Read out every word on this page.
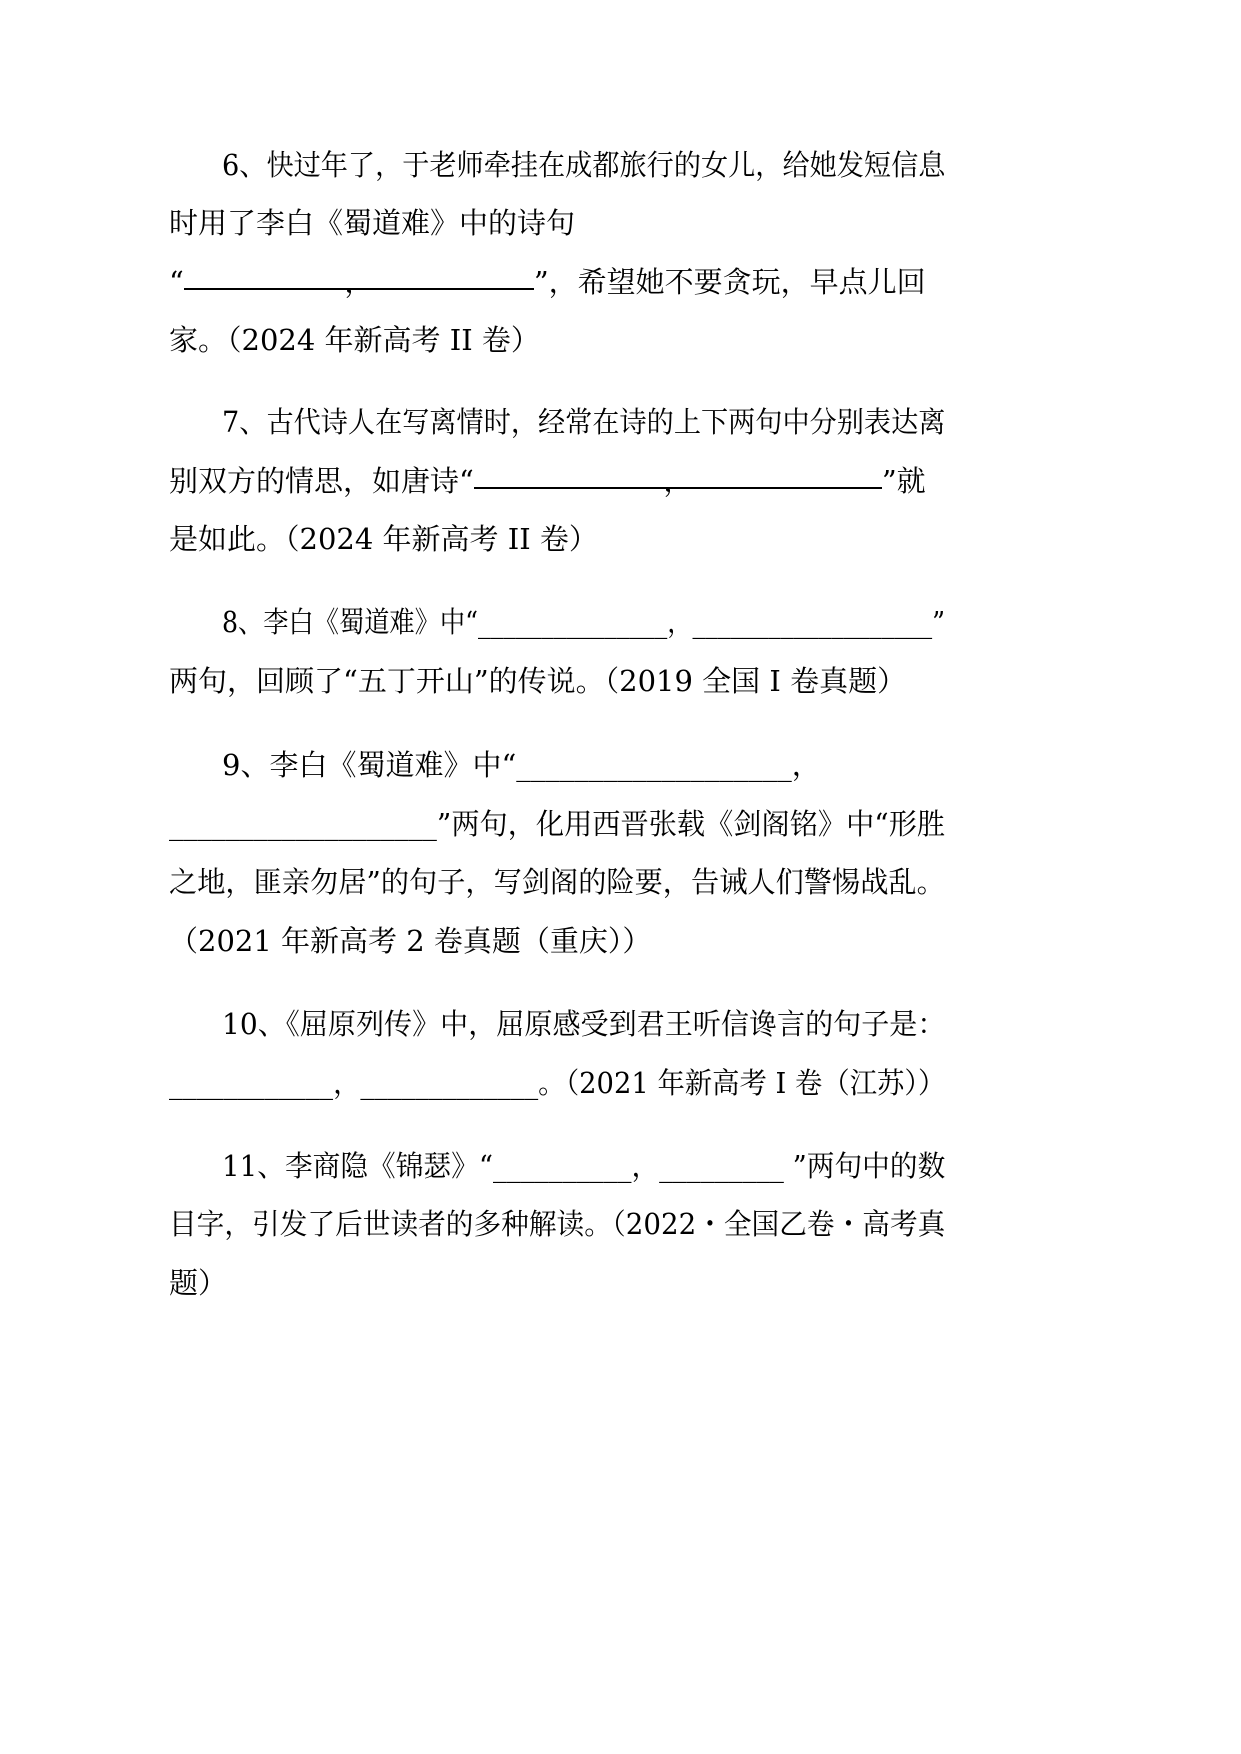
6、快过年了，于老师牵挂在成都旅行的女儿，给她发短信息
时用了李白《蜀道难》中的诗句
“	，	”，希望她不要贪玩，早点儿回
家。（2024 年新高考 II 卷）
7、古代诗人在写离情时，经常在诗的上下两句中分别表达离
别双方的情思，如唐诗“	，	”就
是如此。（2024 年新高考 II 卷）
8、李白《蜀道难》中“_______________，___________________”
两句，回顾了“五丁开山”的传说。（2019 全国 I 卷真题）
9、李白《蜀道难》中“___________________，
___________________”两句，化用西晋张载《剑阁铭》中“形胜
之地，匪亲勿居”的句子，写剑阁的险要，告诫人们警惕战乱。
（2021 年新高考 2 卷真题（重庆））
10、《屈原列传》中，屈原感受到君王听信谗言的句子是：
____________，_____________。（2021 年新高考 I 卷（江苏））
11、李商隐《锦瑟》“__________，_________ ”两句中的数
目字，引发了后世读者的多种解读。（2022・全国乙卷・高考真
题）
